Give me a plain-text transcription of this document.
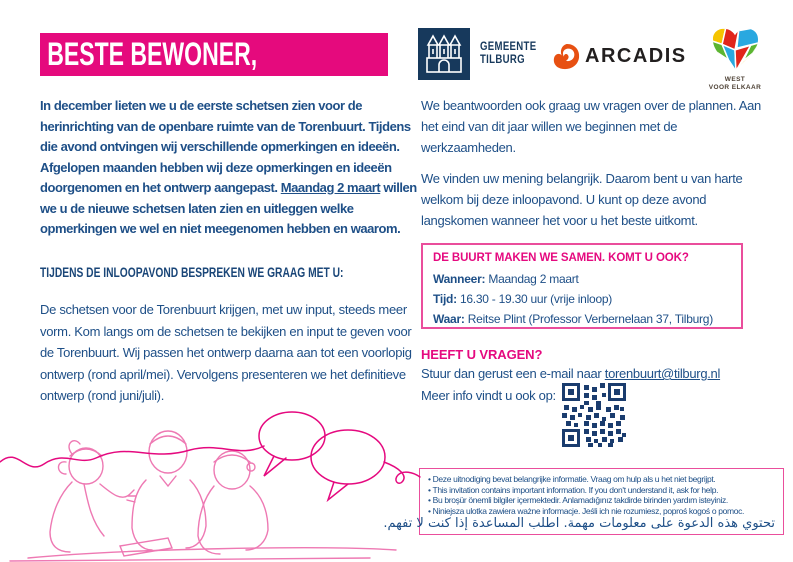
BESTE BEWONER,	GEMEENTE
TILBURG	ARCADIS
WEST
VOOR ELKAAR

In december lieten we u de eerste schetsen zien voor de herinrichting van de openbare ruimte van de Torenbuurt. Tijdens die avond ontvingen wij verschillende opmerkingen en ideeën. Afgelopen maanden hebben wij deze opmerkingen en ideeën doorgenomen en het ontwerp aangepast. Maandag 2 maart willen we u de nieuwe schetsen laten zien en uitleggen welke opmerkingen we wel en niet meegenomen hebben en waarom.

TIJDENS DE INLOOPAVOND BESPREKEN WE GRAAG MET U:

De schetsen voor de Torenbuurt krijgen, met uw input, steeds meer vorm. Kom langs om de schetsen te bekijken en input te geven voor de Torenbuurt. Wij passen het ontwerp daarna aan tot een voorlopig ontwerp (rond april/mei). Vervolgens presenteren we het definitieve ontwerp (rond juni/juli).

We beantwoorden ook graag uw vragen over de plannen. Aan het eind van dit jaar willen we beginnen met de werkzaamheden.

We vinden uw mening belangrijk. Daarom bent u van harte welkom bij deze inloopavond. U kunt op deze avond langskomen wanneer het voor u het beste uitkomt.

DE BUURT MAKEN WE SAMEN. KOMT U OOK?
Wanneer: Maandag 2 maart
Tijd: 16.30 - 19.30 uur (vrije inloop)
Waar: Reitse Plint (Professor Verbernelaan 37, Tilburg)
HEEFT U VRAGEN?

Stuur dan gerust een e-mail naar torenbuurt@tilburg.nl

Meer info vindt u ook op:

• Deze uitnodiging bevat belangrijke informatie. Vraag om hulp als u het niet begrijpt.
• This invitation contains important information. If you don't understand it, ask for help.
• Bu broşür önemli bilgiler içermektedir. Anlamadığınız takdirde birinden yardım isteyiniz.
• Niniejsza ulotka zawiera ważne informacje. Jeśli ich nie rozumiesz, poproś kogoś o pomoc.
تحتوي هذه الدعوة على معلومات مهمة. اطلب المساعدة إذا كنت لا تفهم.
